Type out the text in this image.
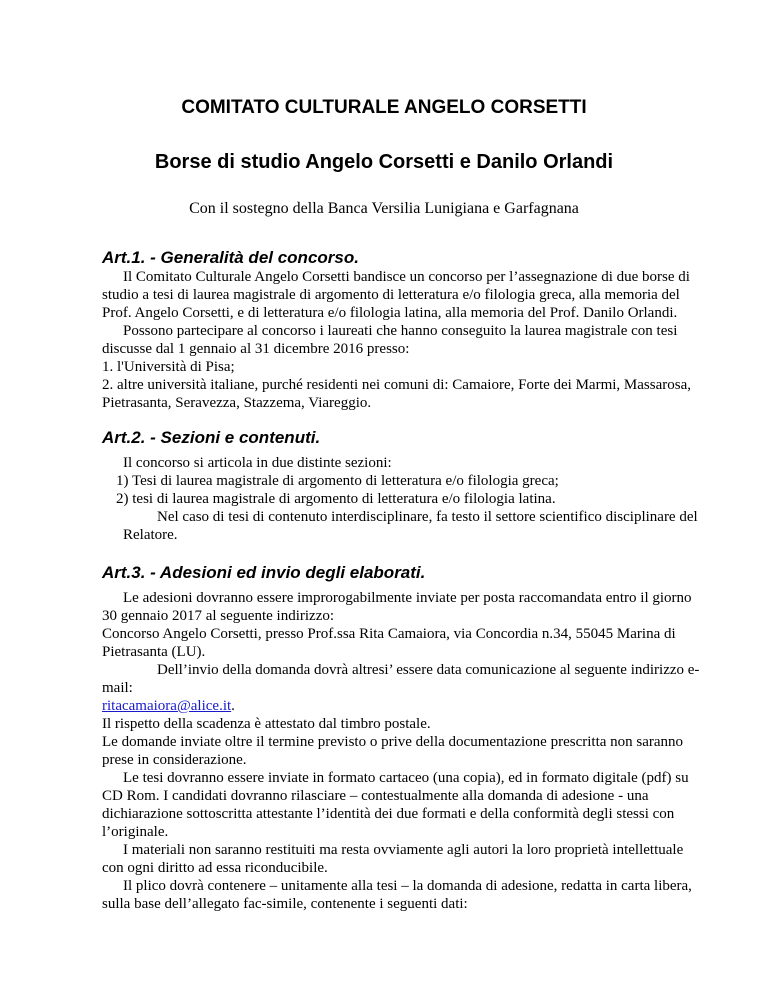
COMITATO CULTURALE ANGELO CORSETTI
Borse di studio Angelo Corsetti e Danilo Orlandi
Con il sostegno della Banca Versilia Lunigiana e Garfagnana
Art.1. - Generalità del concorso.
Il Comitato Culturale Angelo Corsetti bandisce un concorso per l’assegnazione di due borse di
studio a tesi di laurea magistrale di argomento di letteratura e/o filologia greca, alla memoria del
Prof. Angelo Corsetti, e di letteratura e/o filologia latina, alla memoria del Prof. Danilo Orlandi.
Possono partecipare al concorso i laureati che hanno conseguito la laurea magistrale con tesi
discusse dal 1 gennaio al 31 dicembre 2016 presso:
1. l'Università di Pisa;
2. altre università italiane, purché residenti nei comuni di: Camaiore, Forte dei Marmi, Massarosa,
Pietrasanta, Seravezza, Stazzema, Viareggio.
Art.2. - Sezioni e contenuti.
Il concorso si articola in due distinte sezioni:
1) Tesi di laurea magistrale di argomento di letteratura e/o filologia greca;
2) tesi di laurea magistrale di argomento di letteratura e/o filologia latina.
Nel caso di tesi di contenuto interdisciplinare, fa testo il settore scientifico disciplinare del
Relatore.
Art.3. - Adesioni ed invio degli elaborati.
Le adesioni dovranno essere improrogabilmente inviate per posta raccomandata entro il giorno
30 gennaio 2017 al seguente indirizzo:
Concorso Angelo Corsetti, presso Prof.ssa Rita Camaiora, via Concordia n.34, 55045 Marina di
Pietrasanta (LU).
Dell’invio della domanda dovrà altresi’ essere data comunicazione al seguente indirizzo e-
mail:
ritacamaiora@alice.it.
Il rispetto della scadenza è attestato dal timbro postale.
Le domande inviate oltre il termine previsto o prive della documentazione prescritta non saranno
prese in considerazione.
Le tesi dovranno essere inviate in formato cartaceo (una copia), ed in formato digitale (pdf) su
CD Rom. I candidati dovranno rilasciare – contestualmente alla domanda di adesione - una
dichiarazione sottoscritta attestante l’identità dei due formati e della conformità degli stessi con
l’originale.
I materiali non saranno restituiti ma resta ovviamente agli autori la loro proprietà intellettuale
con ogni diritto ad essa riconducibile.
Il plico dovrà contenere – unitamente alla tesi – la domanda di adesione, redatta in carta libera,
sulla base dell’allegato fac-simile, contenente i seguenti dati:
